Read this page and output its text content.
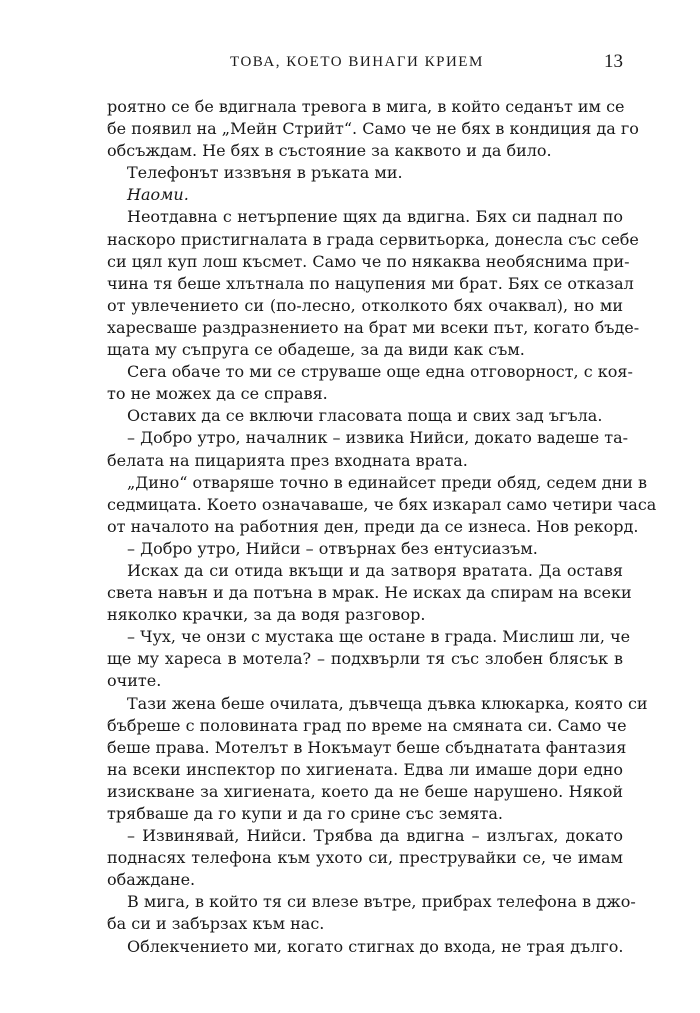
ТОВА, КОЕТО ВИНАГИ КРИЕМ	13
роятно се бе вдигнала тревога в мига, в който седанът им се
бе появил на „Мейн Стрийт“. Само че не бях в кондиция да го
обсъждам. Не бях в състояние за каквото и да било.
Телефонът иззвъня в ръката ми.
Наоми.
Неотдавна с нетърпение щях да вдигна. Бях си паднал по
наскоро пристигналата в града сервитьорка, донесла със себе
си цял куп лош късмет. Само че по някаква необяснима при-
чина тя беше хлътнала по нацупения ми брат. Бях се отказал
от увлечението си (по-лесно, отколкото бях очаквал), но ми
харесваше раздразнението на брат ми всеки път, когато бъде-
щата му съпруга се обадеше, за да види как съм.
Сега обаче то ми се струваше още една отговорност, с коя-
то не можех да се справя.
Оставих да се включи гласовата поща и свих зад ъгъла.
– Добро утро, началник – извика Нийси, докато вадеше та-
белата на пицарията през входната врата.
„Дино“ отваряше точно в единайсет преди обяд, седем дни в
седмицата. Което означаваше, че бях изкарал само четири часа
от началото на работния ден, преди да се изнеса. Нов рекорд.
– Добро утро, Нийси – отвърнах без ентусиазъм.
Исках да си отида вкъщи и да затворя вратата. Да оставя
света навън и да потъна в мрак. Не исках да спирам на всеки
няколко крачки, за да водя разговор.
– Чух, че онзи с мустака ще остане в града. Мислиш ли, че
ще му хареса в мотела? – подхвърли тя със злобен блясък в
очите.
Тази жена беше очилата, дъвчеща дъвка клюкарка, която си
бъбреше с половината град по време на смяната си. Само че
беше права. Мотелът в Нокъмаут беше сбъднатата фантазия
на всеки инспектор по хигиената. Едва ли имаше дори едно
изискване за хигиената, което да не беше нарушено. Някой
трябваше да го купи и да го срине със земята.
– Извинявай, Нийси. Трябва да вдигна – излъгах, докато
поднасях телефона към ухото си, преструвайки се, че имам
обаждане.
В мига, в който тя си влезе вътре, прибрах телефона в джо-
ба си и забързах към нас.
Облекчението ми, когато стигнах до входа, не трая дълго.
